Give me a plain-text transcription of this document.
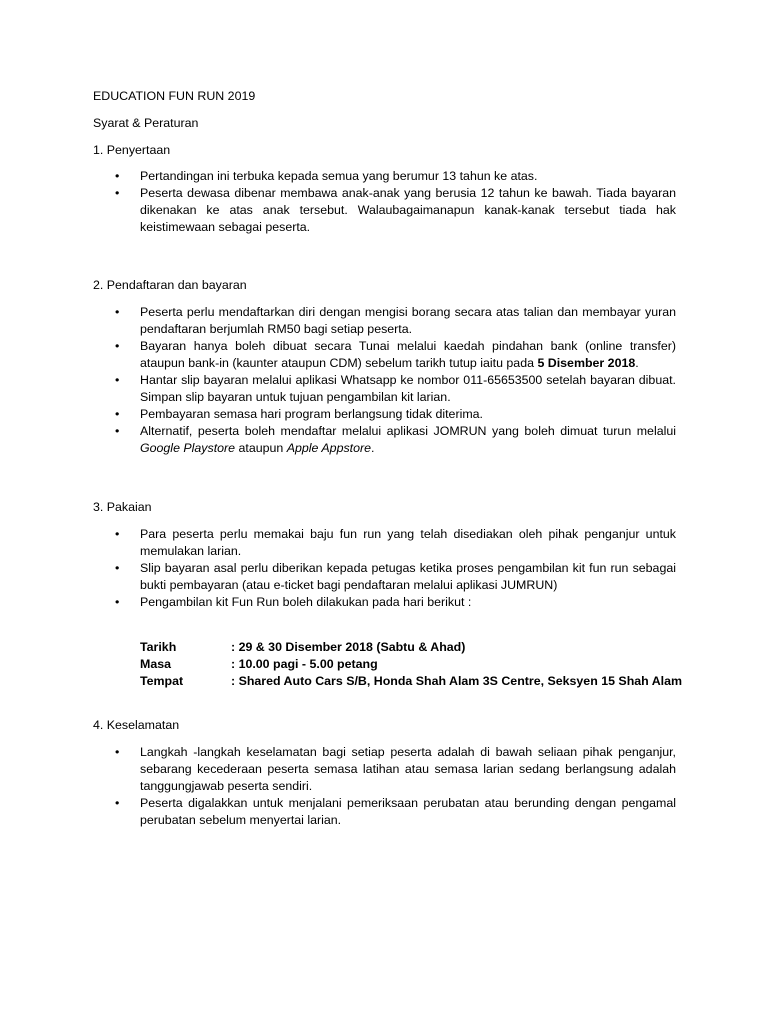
EDUCATION FUN RUN 2019
Syarat & Peraturan
1. Penyertaan
• Pertandingan ini terbuka kepada semua yang berumur 13 tahun ke atas.
• Peserta dewasa dibenar membawa anak-anak yang berusia 12 tahun ke bawah. Tiada bayaran dikenakan ke atas anak tersebut. Walaubagaimanapun kanak-kanak tersebut tiada hak keistimewaan sebagai peserta.
2. Pendaftaran dan bayaran
• Peserta perlu mendaftarkan diri dengan mengisi borang secara atas talian dan membayar yuran pendaftaran berjumlah RM50 bagi setiap peserta.
• Bayaran hanya boleh dibuat secara Tunai melalui kaedah pindahan bank (online transfer) ataupun bank-in (kaunter ataupun CDM) sebelum tarikh tutup iaitu pada 5 Disember 2018.
• Hantar slip bayaran melalui aplikasi Whatsapp ke nombor 011-65653500 setelah bayaran dibuat. Simpan slip bayaran untuk tujuan pengambilan kit larian.
• Pembayaran semasa hari program berlangsung tidak diterima.
• Alternatif, peserta boleh mendaftar melalui aplikasi JOMRUN yang boleh dimuat turun melalui Google Playstore ataupun Apple Appstore.
3. Pakaian
• Para peserta perlu memakai baju fun run yang telah disediakan oleh pihak penganjur untuk memulakan larian.
• Slip bayaran asal perlu diberikan kepada petugas ketika proses pengambilan kit fun run sebagai bukti pembayaran (atau e-ticket bagi pendaftaran melalui aplikasi JUMRUN)
• Pengambilan kit Fun Run boleh dilakukan pada hari berikut :
Tarikh	: 29 & 30 Disember 2018 (Sabtu & Ahad)
Masa	: 10.00 pagi - 5.00 petang
Tempat	: Shared Auto Cars S/B, Honda Shah Alam 3S Centre, Seksyen 15 Shah Alam
4. Keselamatan
• Langkah -langkah keselamatan bagi setiap peserta adalah di bawah seliaan pihak penganjur, sebarang kecederaan peserta semasa latihan atau semasa larian sedang berlangsung adalah tanggungjawab peserta sendiri.
• Peserta digalakkan untuk menjalani pemeriksaan perubatan atau berunding dengan pengamal perubatan sebelum menyertai larian.
